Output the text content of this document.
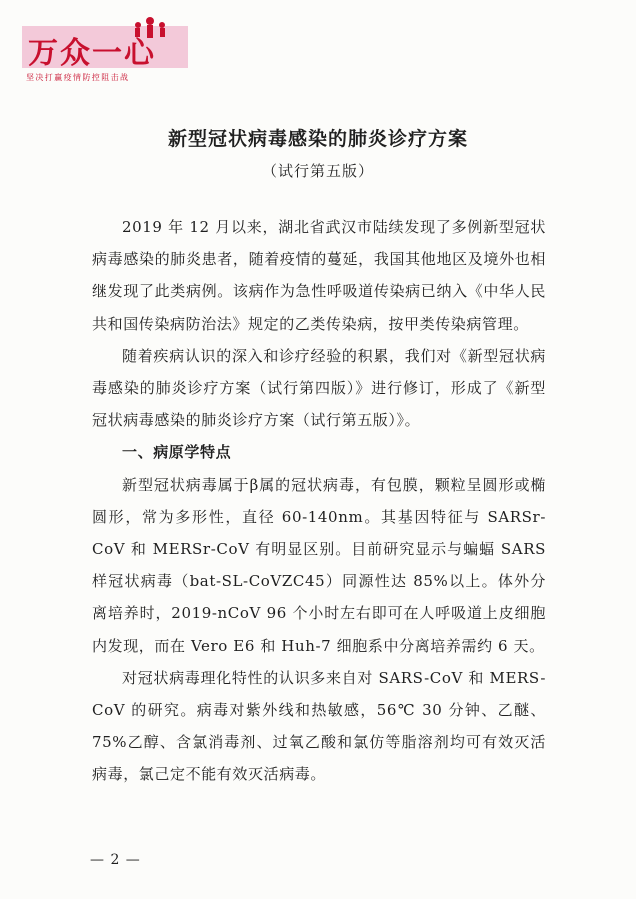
万众一心
坚决打赢疫情防控阻击战
新型冠状病毒感染的肺炎诊疗方案
（试行第五版）

2019 年 12 月以来，湖北省武汉市陆续发现了多例新型冠状病毒感染的肺炎患者，随着疫情的蔓延，我国其他地区及境外也相继发现了此类病例。该病作为急性呼吸道传染病已纳入《中华人民共和国传染病防治法》规定的乙类传染病，按甲类传染病管理。

随着疾病认识的深入和诊疗经验的积累，我们对《新型冠状病毒感染的肺炎诊疗方案（试行第四版）》进行修订，形成了《新型冠状病毒感染的肺炎诊疗方案（试行第五版）》。

一、病原学特点

新型冠状病毒属于β属的冠状病毒，有包膜，颗粒呈圆形或椭圆形，常为多形性，直径 60-140nm。其基因特征与 SARSr-CoV 和 MERSr-CoV 有明显区别。目前研究显示与蝙蝠 SARS 样冠状病毒（bat-SL-CoVZC45）同源性达 85%以上。体外分离培养时，2019-nCoV 96 个小时左右即可在人呼吸道上皮细胞内发现，而在 Vero E6 和 Huh-7 细胞系中分离培养需约 6 天。

对冠状病毒理化特性的认识多来自对 SARS-CoV 和 MERS-CoV 的研究。病毒对紫外线和热敏感，56℃ 30 分钟、乙醚、75%乙醇、含氯消毒剂、过氧乙酸和氯仿等脂溶剂均可有效灭活病毒，氯己定不能有效灭活病毒。

— 2 —
